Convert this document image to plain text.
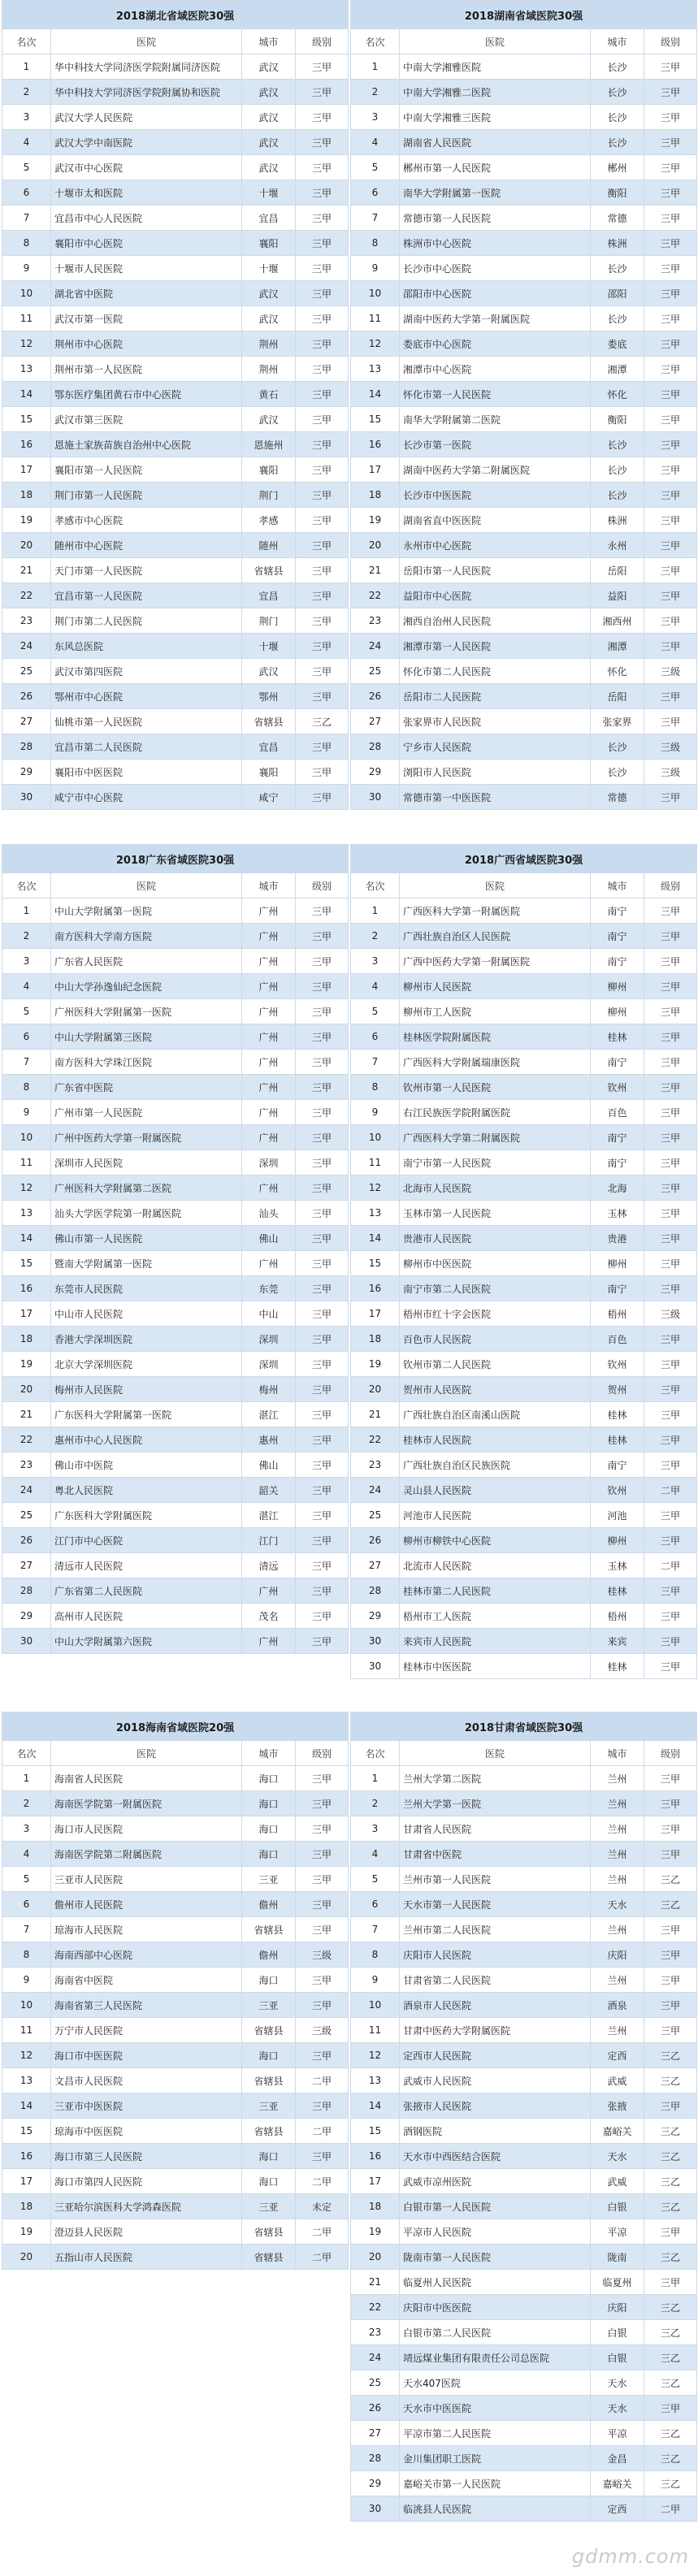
2018湖北省域医院30强			
名次	医院	城市	级别
1	华中科技大学同济医学院附属同济医院	武汉	三甲
2	华中科技大学同济医学院附属协和医院	武汉	三甲
3	武汉大学人民医院	武汉	三甲
4	武汉大学中南医院	武汉	三甲
5	武汉市中心医院	武汉	三甲
6	十堰市太和医院	十堰	三甲
7	宜昌市中心人民医院	宜昌	三甲
8	襄阳市中心医院	襄阳	三甲
9	十堰市人民医院	十堰	三甲
10	湖北省中医院	武汉	三甲
11	武汉市第一医院	武汉	三甲
12	荆州市中心医院	荆州	三甲
13	荆州市第一人民医院	荆州	三甲
14	鄂东医疗集团黄石市中心医院	黄石	三甲
15	武汉市第三医院	武汉	三甲
16	恩施土家族苗族自治州中心医院	恩施州	三甲
17	襄阳市第一人民医院	襄阳	三甲
18	荆门市第一人民医院	荆门	三甲
19	孝感市中心医院	孝感	三甲
20	随州市中心医院	随州	三甲
21	天门市第一人民医院	省辖县	三甲
22	宜昌市第一人民医院	宜昌	三甲
23	荆门市第二人民医院	荆门	三甲
24	东风总医院	十堰	三甲
25	武汉市第四医院	武汉	三甲
26	鄂州市中心医院	鄂州	三甲
27	仙桃市第一人民医院	省辖县	三乙
28	宜昌市第二人民医院	宜昌	三甲
29	襄阳市中医医院	襄阳	三甲
30	咸宁市中心医院	咸宁	三甲
2018湖南省域医院30强			
名次	医院	城市	级别
1	中南大学湘雅医院	长沙	三甲
2	中南大学湘雅二医院	长沙	三甲
3	中南大学湘雅三医院	长沙	三甲
4	湖南省人民医院	长沙	三甲
5	郴州市第一人民医院	郴州	三甲
6	南华大学附属第一医院	衡阳	三甲
7	常德市第一人民医院	常德	三甲
8	株洲市中心医院	株洲	三甲
9	长沙市中心医院	长沙	三甲
10	邵阳市中心医院	邵阳	三甲
11	湖南中医药大学第一附属医院	长沙	三甲
12	娄底市中心医院	娄底	三甲
13	湘潭市中心医院	湘潭	三甲
14	怀化市第一人民医院	怀化	三甲
15	南华大学附属第二医院	衡阳	三甲
16	长沙市第一医院	长沙	三甲
17	湖南中医药大学第二附属医院	长沙	三甲
18	长沙市中医医院	长沙	三甲
19	湖南省直中医医院	株洲	三甲
20	永州市中心医院	永州	三甲
21	岳阳市第一人民医院	岳阳	三甲
22	益阳市中心医院	益阳	三甲
23	湘西自治州人民医院	湘西州	三甲
24	湘潭市第一人民医院	湘潭	三甲
25	怀化市第二人民医院	怀化	三级
26	岳阳市二人民医院	岳阳	三甲
27	张家界市人民医院	张家界	三甲
28	宁乡市人民医院	长沙	三级
29	浏阳市人民医院	长沙	三级
30	常德市第一中医医院	常德	三甲
2018广东省域医院30强			
名次	医院	城市	级别
1	中山大学附属第一医院	广州	三甲
2	南方医科大学南方医院	广州	三甲
3	广东省人民医院	广州	三甲
4	中山大学孙逸仙纪念医院	广州	三甲
5	广州医科大学附属第一医院	广州	三甲
6	中山大学附属第三医院	广州	三甲
7	南方医科大学珠江医院	广州	三甲
8	广东省中医院	广州	三甲
9	广州市第一人民医院	广州	三甲
10	广州中医药大学第一附属医院	广州	三甲
11	深圳市人民医院	深圳	三甲
12	广州医科大学附属第二医院	广州	三甲
13	汕头大学医学院第一附属医院	汕头	三甲
14	佛山市第一人民医院	佛山	三甲
15	暨南大学附属第一医院	广州	三甲
16	东莞市人民医院	东莞	三甲
17	中山市人民医院	中山	三甲
18	香港大学深圳医院	深圳	三甲
19	北京大学深圳医院	深圳	三甲
20	梅州市人民医院	梅州	三甲
21	广东医科大学附属第一医院	湛江	三甲
22	惠州市中心人民医院	惠州	三甲
23	佛山市中医院	佛山	三甲
24	粤北人民医院	韶关	三甲
25	广东医科大学附属医院	湛江	三甲
26	江门市中心医院	江门	三甲
27	清远市人民医院	清远	三甲
28	广东省第二人民医院	广州	三甲
29	高州市人民医院	茂名	三甲
30	中山大学附属第六医院	广州	三甲
2018广西省域医院30强			
名次	医院	城市	级别
1	广西医科大学第一附属医院	南宁	三甲
2	广西壮族自治区人民医院	南宁	三甲
3	广西中医药大学第一附属医院	南宁	三甲
4	柳州市人民医院	柳州	三甲
5	柳州市工人医院	柳州	三甲
6	桂林医学院附属医院	桂林	三甲
7	广西医科大学附属瑞康医院	南宁	三甲
8	钦州市第一人民医院	钦州	三甲
9	右江民族医学院附属医院	百色	三甲
10	广西医科大学第二附属医院	南宁	三甲
11	南宁市第一人民医院	南宁	三甲
12	北海市人民医院	北海	三甲
13	玉林市第一人民医院	玉林	三甲
14	贵港市人民医院	贵港	三甲
15	柳州市中医医院	柳州	三甲
16	南宁市第二人民医院	南宁	三甲
17	梧州市红十字会医院	梧州	三级
18	百色市人民医院	百色	三甲
19	钦州市第二人民医院	钦州	三甲
20	贺州市人民医院	贺州	三甲
21	广西壮族自治区南溪山医院	桂林	三甲
22	桂林市人民医院	桂林	三甲
23	广西壮族自治区民族医院	南宁	三甲
24	灵山县人民医院	钦州	二甲
25	河池市人民医院	河池	三甲
26	柳州市柳铁中心医院	柳州	三甲
27	北流市人民医院	玉林	二甲
28	桂林市第二人民医院	桂林	三甲
29	梧州市工人医院	梧州	三甲
30	来宾市人民医院	来宾	三甲
30	桂林市中医医院	桂林	三甲
2018海南省域医院20强			
名次	医院	城市	级别
1	海南省人民医院	海口	三甲
2	海南医学院第一附属医院	海口	三甲
3	海口市人民医院	海口	三甲
4	海南医学院第二附属医院	海口	三甲
5	三亚市人民医院	三亚	三甲
6	儋州市人民医院	儋州	三甲
7	琼海市人民医院	省辖县	三甲
8	海南西部中心医院	儋州	三级
9	海南省中医院	海口	三甲
10	海南省第三人民医院	三亚	三甲
11	万宁市人民医院	省辖县	三级
12	海口市中医医院	海口	三甲
13	文昌市人民医院	省辖县	二甲
14	三亚市中医医院	三亚	三甲
15	琼海市中医医院	省辖县	二甲
16	海口市第三人民医院	海口	三甲
17	海口市第四人民医院	海口	二甲
18	三亚哈尔滨医科大学鸿森医院	三亚	未定
19	澄迈县人民医院	省辖县	二甲
20	五指山市人民医院	省辖县	二甲
2018甘肃省域医院30强			
名次	医院	城市	级别
1	兰州大学第二医院	兰州	三甲
2	兰州大学第一医院	兰州	三甲
3	甘肃省人民医院	兰州	三甲
4	甘肃省中医院	兰州	三甲
5	兰州市第一人民医院	兰州	三乙
6	天水市第一人民医院	天水	三乙
7	兰州市第二人民医院	兰州	三甲
8	庆阳市人民医院	庆阳	三甲
9	甘肃省第二人民医院	兰州	三甲
10	酒泉市人民医院	酒泉	三甲
11	甘肃中医药大学附属医院	兰州	三甲
12	定西市人民医院	定西	三乙
13	武威市人民医院	武威	三乙
14	张掖市人民医院	张掖	三甲
15	酒钢医院	嘉峪关	三乙
16	天水市中西医结合医院	天水	三乙
17	武威市凉州医院	武威	三乙
18	白银市第一人民医院	白银	三乙
19	平凉市人民医院	平凉	三甲
20	陇南市第一人民医院	陇南	三乙
21	临夏州人民医院	临夏州	三甲
22	庆阳市中医医院	庆阳	三乙
23	白银市第二人民医院	白银	三乙
24	靖远煤业集团有限责任公司总医院	白银	三乙
25	天水407医院	天水	三乙
26	天水市中医医院	天水	三甲
27	平凉市第二人民医院	平凉	三乙
28	金川集团职工医院	金昌	三乙
29	嘉峪关市第一人民医院	嘉峪关	三乙
30	临洮县人民医院	定西	二甲
gdmm.com
